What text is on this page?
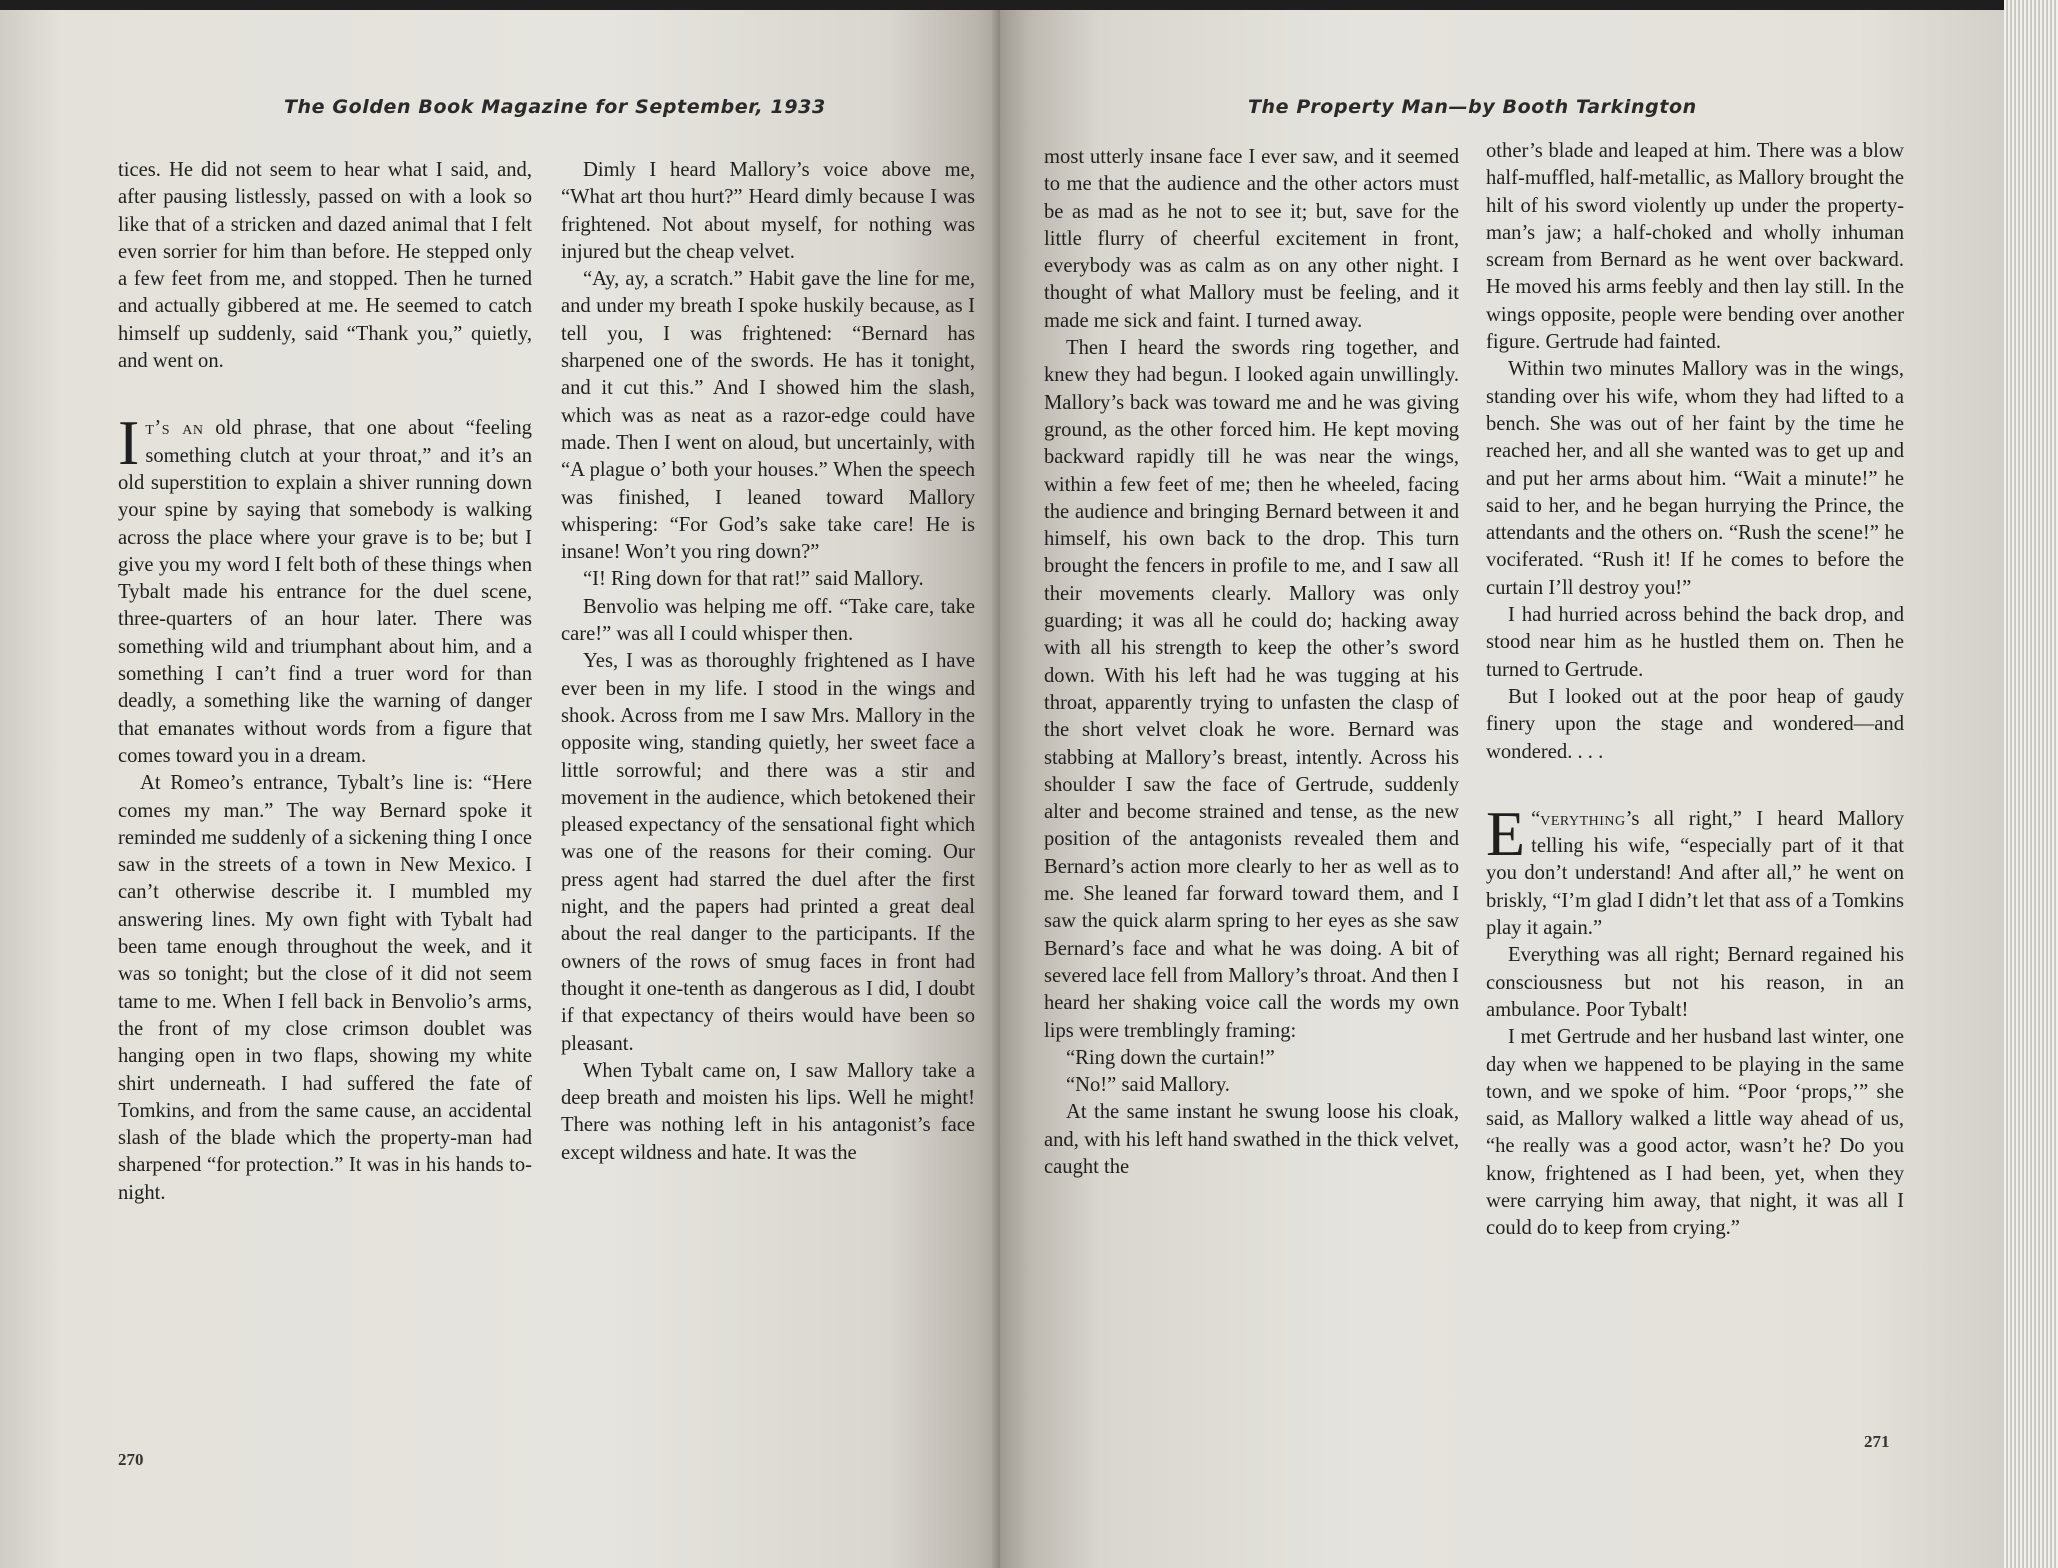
The Golden Book Magazine for September, 1933

tices. He did not seem to hear what I said, and, after pausing listlessly, passed on with a look so like that of a stricken and dazed animal that I felt even sorrier for him than before. He stepped only a few feet from me, and stopped. Then he turned and actually gibbered at me. He seemed to catch himself up suddenly, said “Thank you,” quietly, and went on.

It’s an old phrase, that one about “feeling something clutch at your throat,” and it’s an old superstition to explain a shiver running down your spine by saying that somebody is walking across the place where your grave is to be; but I give you my word I felt both of these things when Tybalt made his entrance for the duel scene, three-quarters of an hour later. There was something wild and triumphant about him, and a something I can’t find a truer word for than deadly, a something like the warning of danger that emanates without words from a figure that comes toward you in a dream.

At Romeo’s entrance, Tybalt’s line is: “Here comes my man.” The way Bernard spoke it reminded me suddenly of a sickening thing I once saw in the streets of a town in New Mexico. I can’t otherwise describe it. I mumbled my answering lines. My own fight with Tybalt had been tame enough throughout the week, and it was so tonight; but the close of it did not seem tame to me. When I fell back in Benvolio’s arms, the front of my close crimson doublet was hanging open in two flaps, showing my white shirt underneath. I had suffered the fate of Tomkins, and from the same cause, an accidental slash of the blade which the property-man had sharpened “for protection.” It was in his hands to-night.

Dimly I heard Mallory’s voice above me, “What art thou hurt?” Heard dimly because I was frightened. Not about myself, for nothing was injured but the cheap velvet.

“Ay, ay, a scratch.” Habit gave the line for me, and under my breath I spoke huskily because, as I tell you, I was frightened: “Bernard has sharpened one of the swords. He has it tonight, and it cut this.” And I showed him the slash, which was as neat as a razor-edge could have made. Then I went on aloud, but uncertainly, with “A plague o’ both your houses.” When the speech was finished, I leaned toward Mallory whispering: “For God’s sake take care! He is insane! Won’t you ring down?”

“I! Ring down for that rat!” said Mallory.

Benvolio was helping me off. “Take care, take care!” was all I could whisper then.

Yes, I was as thoroughly frightened as I have ever been in my life. I stood in the wings and shook. Across from me I saw Mrs. Mallory in the opposite wing, standing quietly, her sweet face a little sorrowful; and there was a stir and movement in the audience, which betokened their pleased expectancy of the sensational fight which was one of the reasons for their coming. Our press agent had starred the duel after the first night, and the papers had printed a great deal about the real danger to the participants. If the owners of the rows of smug faces in front had thought it one-tenth as dangerous as I did, I doubt if that expectancy of theirs would have been so pleasant.

When Tybalt came on, I saw Mallory take a deep breath and moisten his lips. Well he might! There was nothing left in his antagonist’s face except wildness and hate. It was the

270
The Property Man—by Booth Tarkington

most utterly insane face I ever saw, and it seemed to me that the audience and the other actors must be as mad as he not to see it; but, save for the little flurry of cheerful excitement in front, everybody was as calm as on any other night. I thought of what Mallory must be feeling, and it made me sick and faint. I turned away.

Then I heard the swords ring together, and knew they had begun. I looked again unwillingly. Mallory’s back was toward me and he was giving ground, as the other forced him. He kept moving backward rapidly till he was near the wings, within a few feet of me; then he wheeled, facing the audience and bringing Bernard between it and himself, his own back to the drop. This turn brought the fencers in profile to me, and I saw all their movements clearly. Mallory was only guarding; it was all he could do; hacking away with all his strength to keep the other’s sword down. With his left had he was tugging at his throat, apparently trying to unfasten the clasp of the short velvet cloak he wore. Bernard was stabbing at Mallory’s breast, intently. Across his shoulder I saw the face of Gertrude, suddenly alter and become strained and tense, as the new position of the antagonists revealed them and Bernard’s action more clearly to her as well as to me. She leaned far forward toward them, and I saw the quick alarm spring to her eyes as she saw Bernard’s face and what he was doing. A bit of severed lace fell from Mallory’s throat. And then I heard her shaking voice call the words my own lips were tremblingly framing:

“Ring down the curtain!”

“No!” said Mallory.

At the same instant he swung loose his cloak, and, with his left hand swathed in the thick velvet, caught the

other’s blade and leaped at him. There was a blow half-muffled, half-metallic, as Mallory brought the hilt of his sword violently up under the property-man’s jaw; a half-choked and wholly inhuman scream from Bernard as he went over backward. He moved his arms feebly and then lay still. In the wings opposite, people were bending over another figure. Gertrude had fainted.

Within two minutes Mallory was in the wings, standing over his wife, whom they had lifted to a bench. She was out of her faint by the time he reached her, and all she wanted was to get up and and put her arms about him. “Wait a minute!” he said to her, and he began hurrying the Prince, the attendants and the others on. “Rush the scene!” he vociferated. “Rush it! If he comes to before the curtain I’ll destroy you!”

I had hurried across behind the back drop, and stood near him as he hustled them on. Then he turned to Gertrude.

But I looked out at the poor heap of gaudy finery upon the stage and wondered—and wondered. . . .

“
E verything’s all right,” I heard Mallory telling his wife, “especially part of it that you don’t understand! And after all,” he went on briskly, “I’m glad I didn’t let that ass of a Tomkins play it again.”

Everything was all right; Bernard regained his consciousness but not his reason, in an ambulance. Poor Tybalt!

I met Gertrude and her husband last winter, one day when we happened to be playing in the same town, and we spoke of him. “Poor ‘props,’” she said, as Mallory walked a little way ahead of us, “he really was a good actor, wasn’t he? Do you know, frightened as I had been, yet, when they were carrying him away, that night, it was all I could do to keep from crying.”

271
